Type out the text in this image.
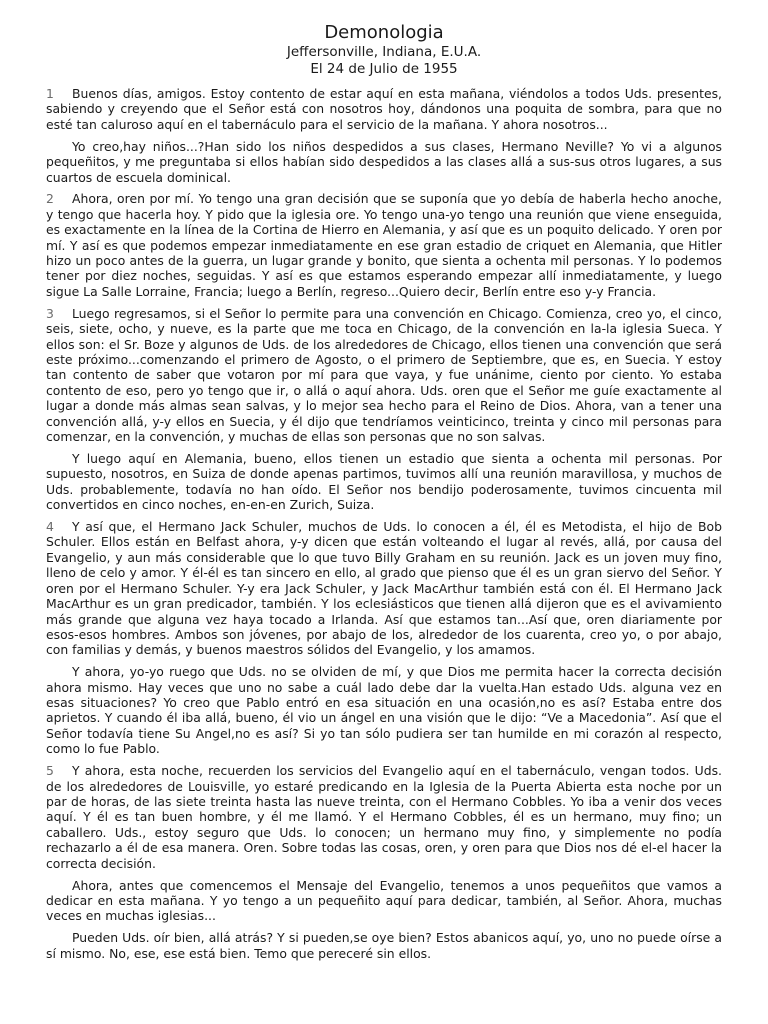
Demonologia

Jeffersonville, Indiana, E.U.A.

El 24 de Julio de 1955

1 Buenos días, amigos. Estoy contento de estar aquí en esta mañana, viéndolos a todos Uds. presentes, sabiendo y creyendo que el Señor está con nosotros hoy, dándonos una poquita de sombra, para que no esté tan caluroso aquí en el tabernáculo para el servicio de la mañana. Y ahora nosotros...

Yo creo,hay niños...?Han sido los niños despedidos a sus clases, Hermano Neville? Yo vi a algunos pequeñitos, y me preguntaba si ellos habían sido despedidos a las clases allá a sus-sus otros lugares, a sus cuartos de escuela dominical.

2 Ahora, oren por mí. Yo tengo una gran decisión que se suponía que yo debía de haberla hecho anoche, y tengo que hacerla hoy. Y pido que la iglesia ore. Yo tengo una-yo tengo una reunión que viene enseguida, es exactamente en la línea de la Cortina de Hierro en Alemania, y así que es un poquito delicado. Y oren por mí. Y así es que podemos empezar inmediatamente en ese gran estadio de criquet en Alemania, que Hitler hizo un poco antes de la guerra, un lugar grande y bonito, que sienta a ochenta mil personas. Y lo podemos tener por diez noches, seguidas. Y así es que estamos esperando empezar allí inmediatamente, y luego sigue La Salle Lorraine, Francia; luego a Berlín, regreso...Quiero decir, Berlín entre eso y-y Francia.

3 Luego regresamos, si el Señor lo permite para una convención en Chicago. Comienza, creo yo, el cinco, seis, siete, ocho, y nueve, es la parte que me toca en Chicago, de la convención en la-la iglesia Sueca. Y ellos son: el Sr. Boze y algunos de Uds. de los alrededores de Chicago, ellos tienen una convención que será este próximo...comenzando el primero de Agosto, o el primero de Septiembre, que es, en Suecia. Y estoy tan contento de saber que votaron por mí para que vaya, y fue unánime, ciento por ciento. Yo estaba contento de eso, pero yo tengo que ir, o allá o aquí ahora. Uds. oren que el Señor me guíe exactamente al lugar a donde más almas sean salvas, y lo mejor sea hecho para el Reino de Dios. Ahora, van a tener una convención allá, y-y ellos en Suecia, y él dijo que tendríamos veinticinco, treinta y cinco mil personas para comenzar, en la convención, y muchas de ellas son personas que no son salvas.

Y luego aquí en Alemania, bueno, ellos tienen un estadio que sienta a ochenta mil personas. Por supuesto, nosotros, en Suiza de donde apenas partimos, tuvimos allí una reunión maravillosa, y muchos de Uds. probablemente, todavía no han oído. El Señor nos bendijo poderosamente, tuvimos cincuenta mil convertidos en cinco noches, en-en-en Zurich, Suiza.

4 Y así que, el Hermano Jack Schuler, muchos de Uds. lo conocen a él, él es Metodista, el hijo de Bob Schuler. Ellos están en Belfast ahora, y-y dicen que están volteando el lugar al revés, allá, por causa del Evangelio, y aun más considerable que lo que tuvo Billy Graham en su reunión. Jack es un joven muy fino, lleno de celo y amor. Y él-él es tan sincero en ello, al grado que pienso que él es un gran siervo del Señor. Y oren por el Hermano Schuler. Y-y era Jack Schuler, y Jack MacArthur también está con él. El Hermano Jack MacArthur es un gran predicador, también. Y los eclesiásticos que tienen allá dijeron que es el avivamiento más grande que alguna vez haya tocado a Irlanda. Así que estamos tan...Así que, oren diariamente por esos-esos hombres. Ambos son jóvenes, por abajo de los, alrededor de los cuarenta, creo yo, o por abajo, con familias y demás, y buenos maestros sólidos del Evangelio, y los amamos.

Y ahora, yo-yo ruego que Uds. no se olviden de mí, y que Dios me permita hacer la correcta decisión ahora mismo. Hay veces que uno no sabe a cuál lado debe dar la vuelta.Han estado Uds. alguna vez en esas situaciones? Yo creo que Pablo entró en esa situación en una ocasión,no es así? Estaba entre dos aprietos. Y cuando él iba allá, bueno, él vio un ángel en una visión que le dijo: “Ve a Macedonia”. Así que el Señor todavía tiene Su Angel,no es así? Si yo tan sólo pudiera ser tan humilde en mi corazón al respecto, como lo fue Pablo.

5 Y ahora, esta noche, recuerden los servicios del Evangelio aquí en el tabernáculo, vengan todos. Uds. de los alrededores de Louisville, yo estaré predicando en la Iglesia de la Puerta Abierta esta noche por un par de horas, de las siete treinta hasta las nueve treinta, con el Hermano Cobbles. Yo iba a venir dos veces aquí. Y él es tan buen hombre, y él me llamó. Y el Hermano Cobbles, él es un hermano, muy fino; un caballero. Uds., estoy seguro que Uds. lo conocen; un hermano muy fino, y simplemente no podía rechazarlo a él de esa manera. Oren. Sobre todas las cosas, oren, y oren para que Dios nos dé el-el hacer la correcta decisión.

Ahora, antes que comencemos el Mensaje del Evangelio, tenemos a unos pequeñitos que vamos a dedicar en esta mañana. Y yo tengo a un pequeñito aquí para dedicar, también, al Señor. Ahora, muchas veces en muchas iglesias...

Pueden Uds. oír bien, allá atrás? Y si pueden,se oye bien? Estos abanicos aquí, yo, uno no puede oírse a sí mismo. No, ese, ese está bien. Temo que pereceré sin ellos.
